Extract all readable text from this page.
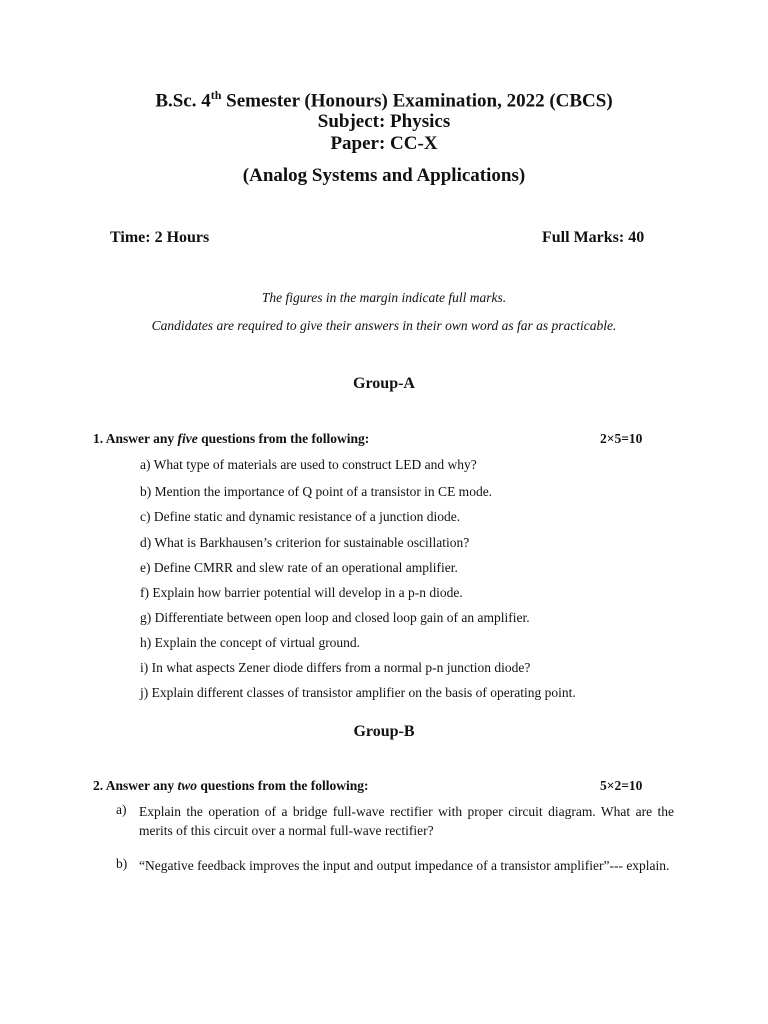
B.Sc. 4th Semester (Honours) Examination, 2022 (CBCS)
Subject: Physics
Paper: CC-X
(Analog Systems and Applications)
Time: 2 Hours	Full Marks: 40
The figures in the margin indicate full marks.
Candidates are required to give their answers in their own word as far as practicable.
Group-A
1. Answer any five questions from the following:	2×5=10
a) What type of materials are used to construct LED and why?
b) Mention the importance of Q point of a transistor in CE mode.
c) Define static and dynamic resistance of a junction diode.
d) What is Barkhausen’s criterion for sustainable oscillation?
e) Define CMRR and slew rate of an operational amplifier.
f) Explain how barrier potential will develop in a p-n diode.
g) Differentiate between open loop and closed loop gain of an amplifier.
h) Explain the concept of virtual ground.
i) In what aspects Zener diode differs from a normal p-n junction diode?
j) Explain different classes of transistor amplifier on the basis of operating point.
Group-B
2. Answer any two questions from the following:	5×2=10
a) Explain the operation of a bridge full-wave rectifier with proper circuit diagram. What are the merits of this circuit over a normal full-wave rectifier?
b) “Negative feedback improves the input and output impedance of a transistor amplifier”--- explain.
